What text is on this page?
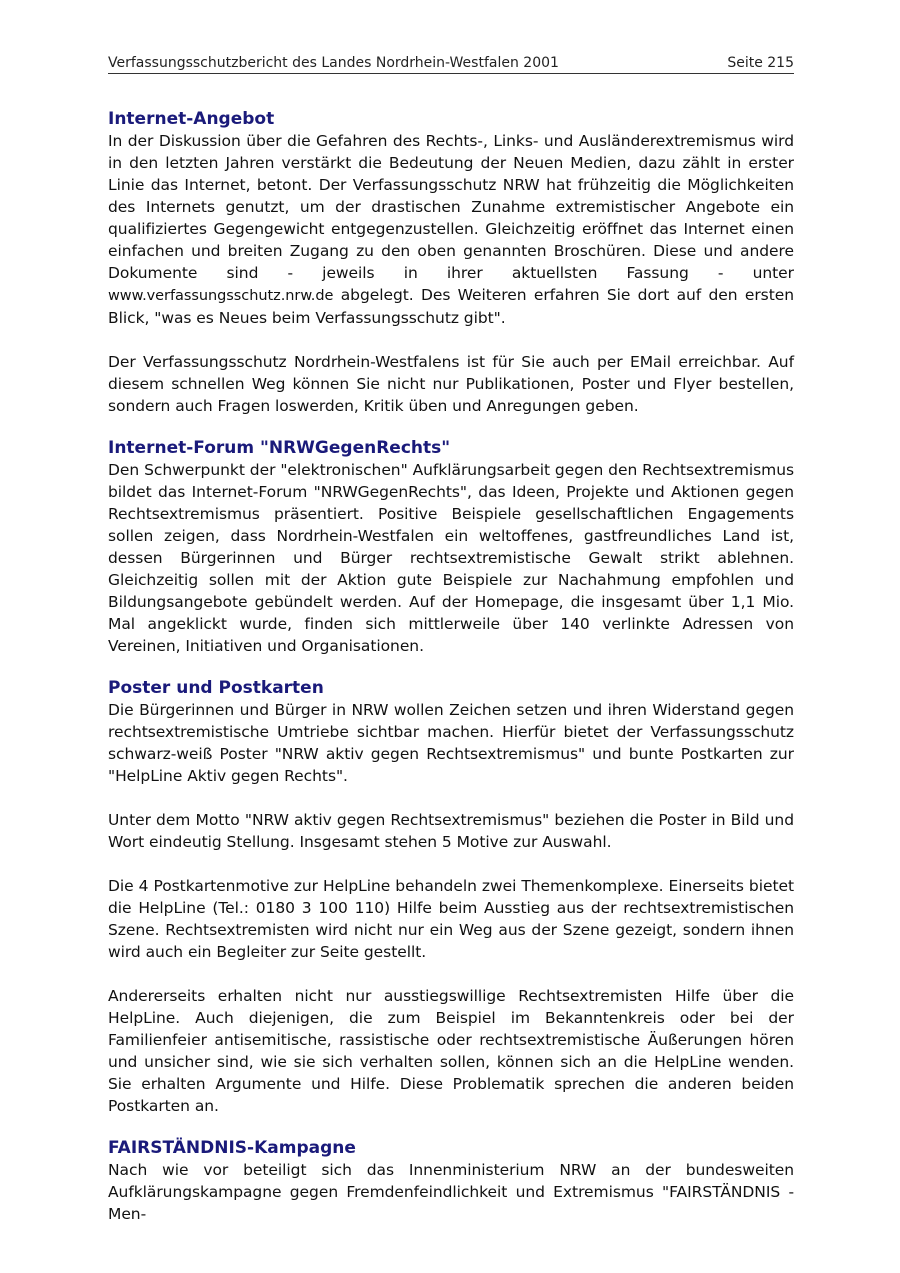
Verfassungsschutzbericht des Landes Nordrhein-Westfalen 2001	Seite 215
Internet-Angebot

In der Diskussion über die Gefahren des Rechts-, Links- und Ausländerextremismus wird in den letzten Jahren verstärkt die Bedeutung der Neuen Medien, dazu zählt in erster Linie das Internet, betont. Der Verfassungsschutz NRW hat frühzeitig die Möglichkeiten des Internets genutzt, um der drastischen Zunahme extremistischer Angebote ein qualifiziertes Gegengewicht entgegenzustellen. Gleichzeitig eröffnet das Internet einen einfachen und breiten Zugang zu den oben genannten Broschüren. Diese und andere Dokumente sind - jeweils in ihrer aktuellsten Fassung - unter www.verfassungsschutz.nrw.de abgelegt. Des Weiteren erfahren Sie dort auf den ersten Blick, "was es Neues beim Verfassungsschutz gibt".

Der Verfassungsschutz Nordrhein-Westfalens ist für Sie auch per EMail erreichbar. Auf diesem schnellen Weg können Sie nicht nur Publikationen, Poster und Flyer bestellen, sondern auch Fragen loswerden, Kritik üben und Anregungen geben.

Internet-Forum "NRWGegenRechts"

Den Schwerpunkt der "elektronischen" Aufklärungsarbeit gegen den Rechtsextremismus bildet das Internet-Forum "NRWGegenRechts", das Ideen, Projekte und Aktionen gegen Rechtsextremismus präsentiert. Positive Beispiele gesellschaftlichen Engagements sollen zeigen, dass Nordrhein-Westfalen ein weltoffenes, gastfreundliches Land ist, dessen Bürgerinnen und Bürger rechtsextremistische Gewalt strikt ablehnen. Gleichzeitig sollen mit der Aktion gute Beispiele zur Nachahmung empfohlen und Bildungsangebote gebündelt werden. Auf der Homepage, die insgesamt über 1,1 Mio. Mal angeklickt wurde, finden sich mittlerweile über 140 verlinkte Adressen von Vereinen, Initiativen und Organisationen.

Poster und Postkarten

Die Bürgerinnen und Bürger in NRW wollen Zeichen setzen und ihren Widerstand gegen rechtsextremistische Umtriebe sichtbar machen. Hierfür bietet der Verfassungsschutz schwarz-weiß Poster "NRW aktiv gegen Rechtsextremismus" und bunte Postkarten zur "HelpLine Aktiv gegen Rechts".

Unter dem Motto "NRW aktiv gegen Rechtsextremismus" beziehen die Poster in Bild und Wort eindeutig Stellung. Insgesamt stehen 5 Motive zur Auswahl.

Die 4 Postkartenmotive zur HelpLine behandeln zwei Themenkomplexe. Einerseits bietet die HelpLine (Tel.: 0180 3 100 110) Hilfe beim Ausstieg aus der rechtsextremistischen Szene. Rechtsextremisten wird nicht nur ein Weg aus der Szene gezeigt, sondern ihnen wird auch ein Begleiter zur Seite gestellt.

Andererseits erhalten nicht nur ausstiegswillige Rechtsextremisten Hilfe über die HelpLine. Auch diejenigen, die zum Beispiel im Bekanntenkreis oder bei der Familienfeier antisemitische, rassistische oder rechtsextremistische Äußerungen hören und unsicher sind, wie sie sich verhalten sollen, können sich an die HelpLine wenden. Sie erhalten Argumente und Hilfe. Diese Problematik sprechen die anderen beiden Postkarten an.

FAIRSTÄNDNIS-Kampagne

Nach wie vor beteiligt sich das Innenministerium NRW an der bundesweiten Aufklärungskampagne gegen Fremdenfeindlichkeit und Extremismus "FAIRSTÄNDNIS - Men-
